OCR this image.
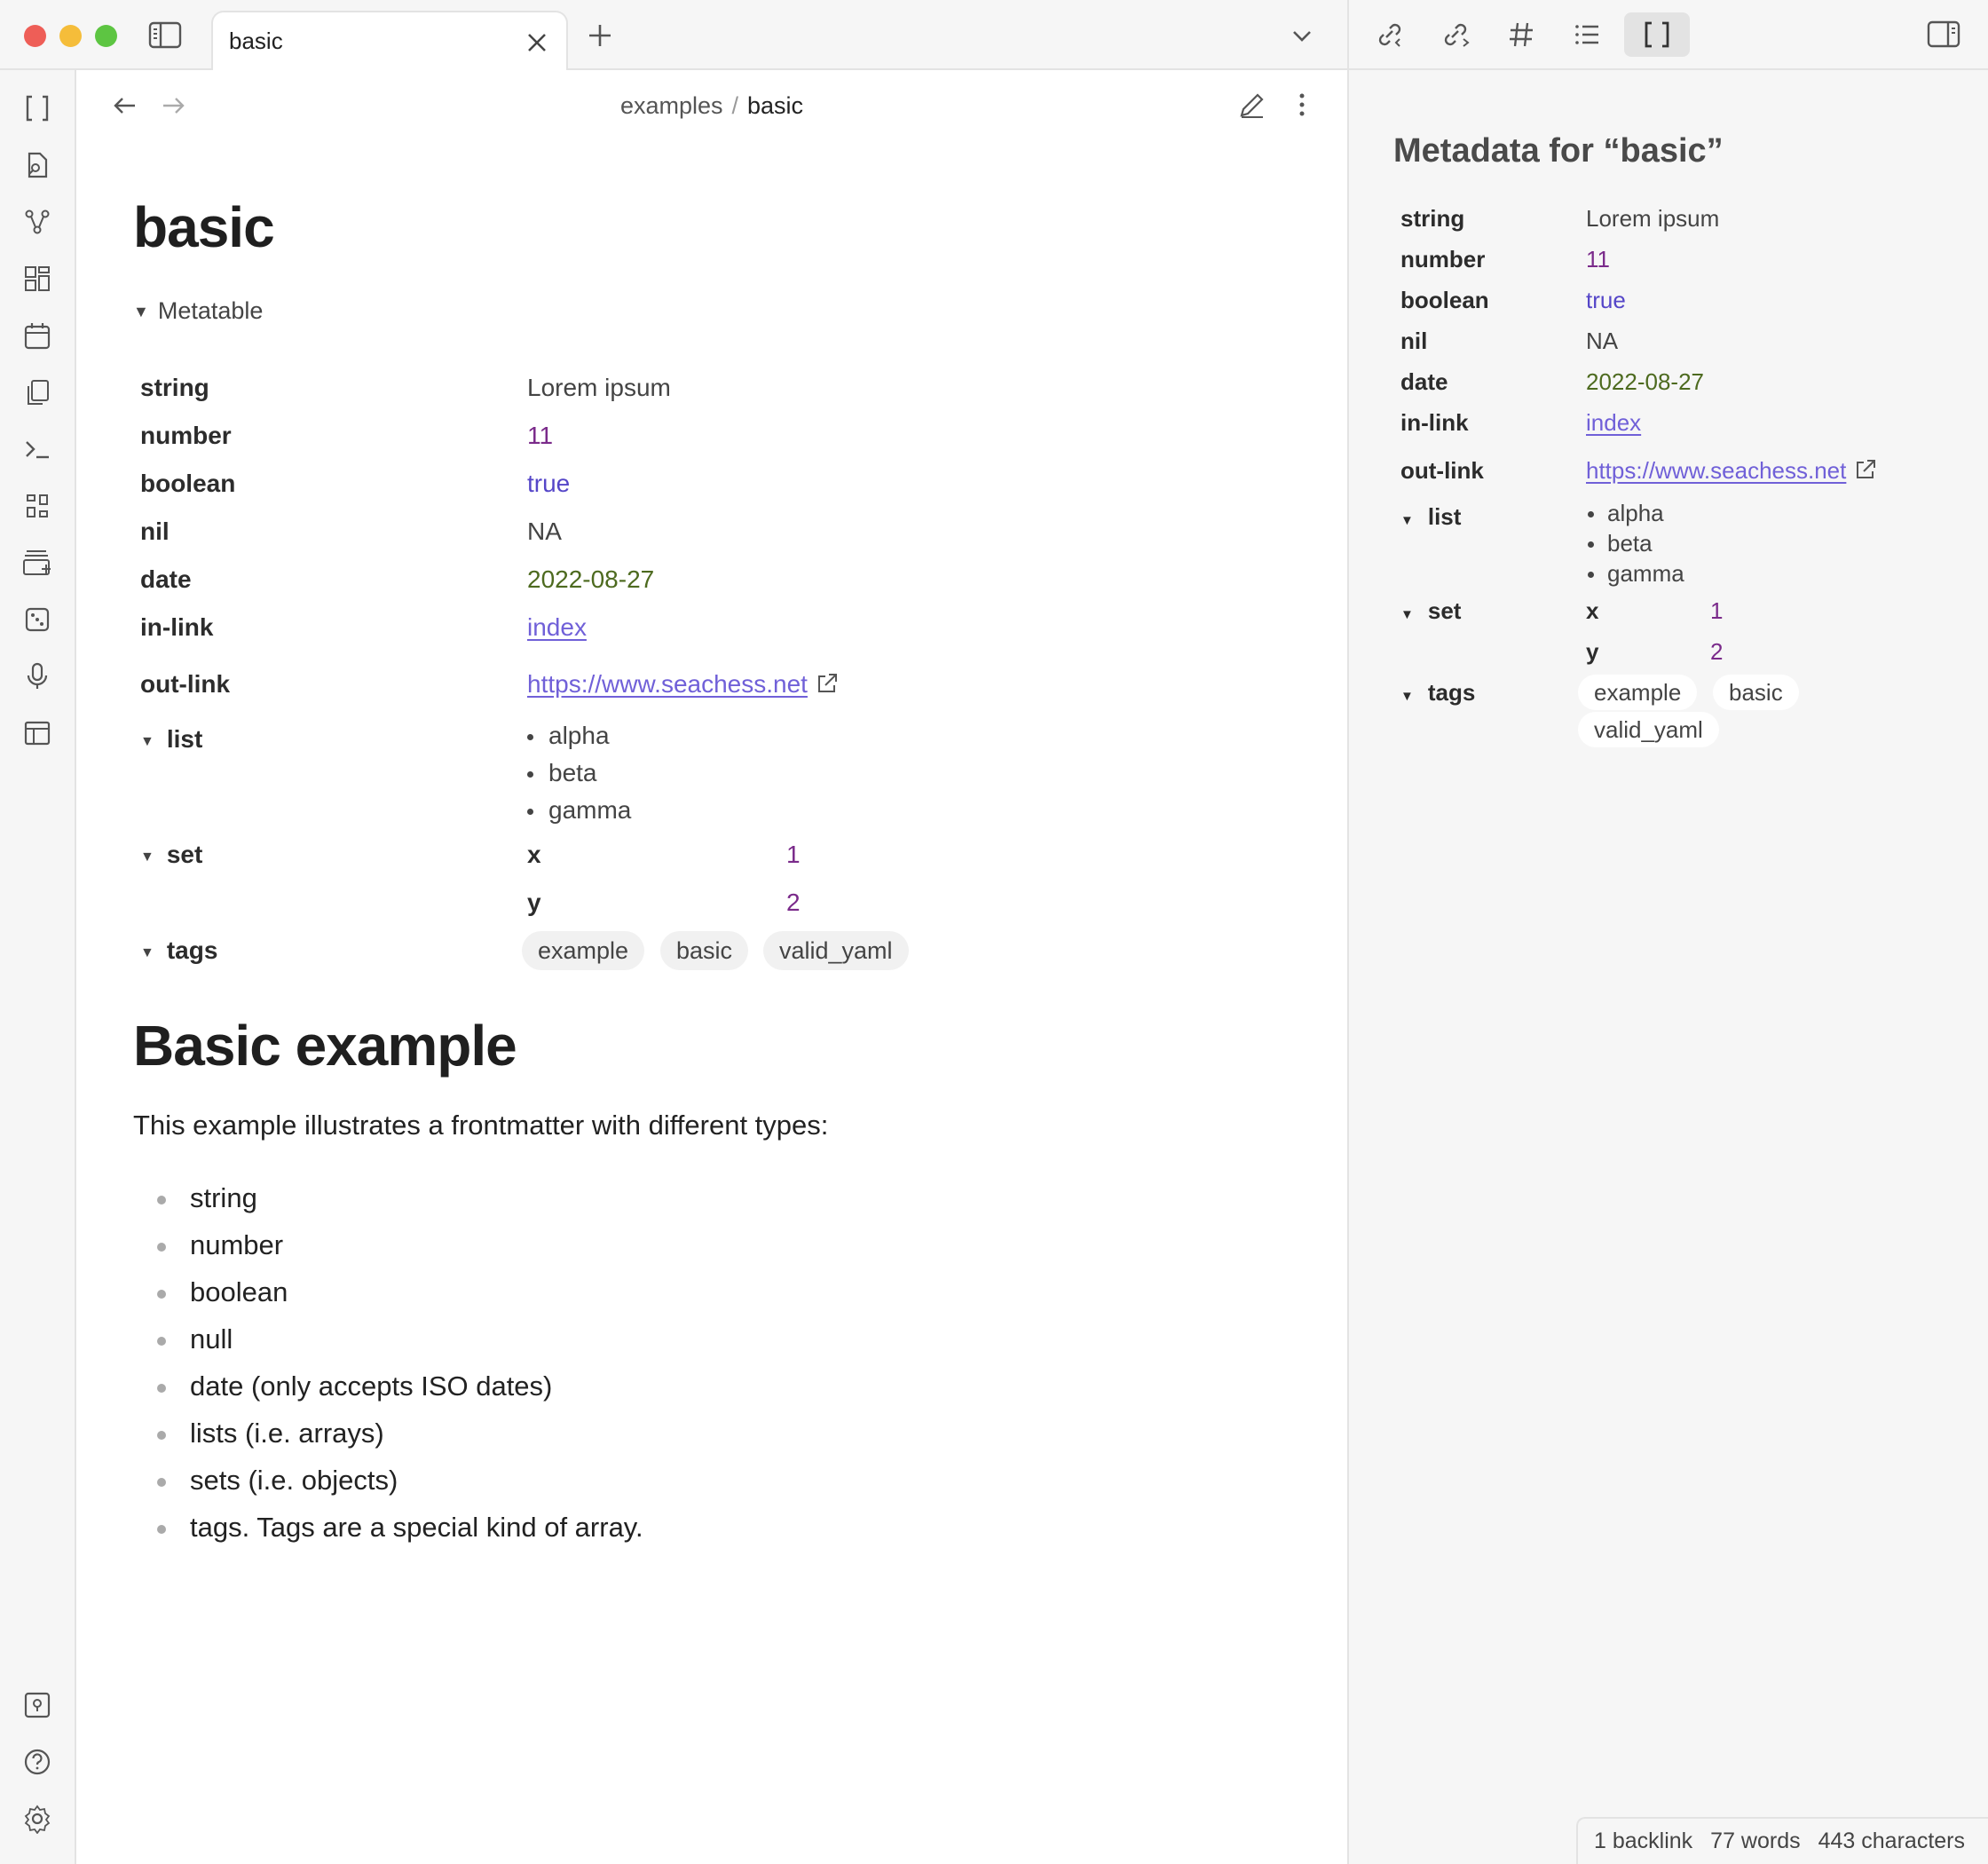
basic
examples / basic
basic
▼ Metatable
string	Lorem ipsum
number	11
boolean	true
nil	NA
date	2022-08-27
in-link	index
out-link	https://www.seachess.net
▼ list	alpha
beta
gamma
▼ set	x	1
y	2
▼ tags	example	basic	valid_yaml
Basic example
This example illustrates a frontmatter with different types:
string
number
boolean
null
date (only accepts ISO dates)
lists (i.e. arrays)
sets (i.e. objects)
tags. Tags are a special kind of array.
Metadata for “basic”
string	Lorem ipsum
number	11
boolean	true
nil	NA
date	2022-08-27
in-link	index
out-link	https://www.seachess.net
▼ list	alpha
beta
gamma
▼ set	x	1
y	2
▼ tags	example	basic
valid_yaml
1 backlink 77 words 443 characters
